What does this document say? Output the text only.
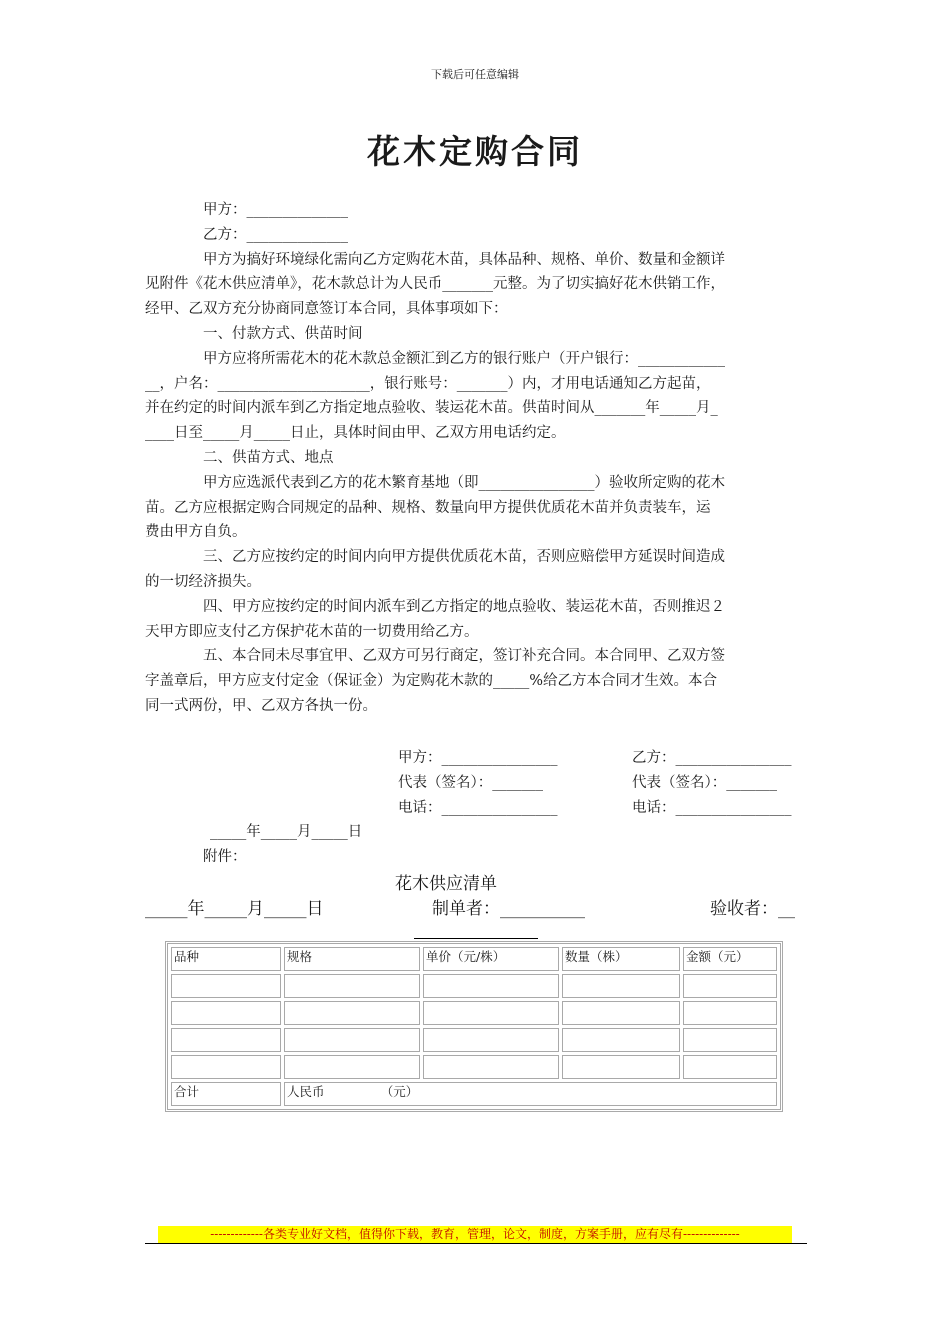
下载后可任意编辑
花木定购合同

甲方：______________

乙方：______________

甲方为搞好环境绿化需向乙方定购花木苗，具体品种、规格、单价、数量和金额详

见附件《花木供应清单》，花木款总计为人民币_______元整。为了切实搞好花木供销工作，

经甲、乙双方充分协商同意签订本合同，具体事项如下：

一、付款方式、供苗时间

甲方应将所需花木的花木款总金额汇到乙方的银行账户（开户银行：____________

__，户名：_____________________，银行账号：_______）内，才用电话通知乙方起苗，

并在约定的时间内派车到乙方指定地点验收、装运花木苗。供苗时间从_______年_____月_

____日至_____月_____日止，具体时间由甲、乙双方用电话约定。

二、供苗方式、地点

甲方应选派代表到乙方的花木繁育基地（即________________）验收所定购的花木

苗。乙方应根据定购合同规定的品种、规格、数量向甲方提供优质花木苗并负责装车，运

费由甲方自负。

三、乙方应按约定的时间内向甲方提供优质花木苗，否则应赔偿甲方延误时间造成

的一切经济损失。

四、甲方应按约定的时间内派车到乙方指定的地点验收、装运花木苗，否则推迟２

天甲方即应支付乙方保护花木苗的一切费用给乙方。

五、本合同未尽事宜甲、乙双方可另行商定，签订补充合同。本合同甲、乙双方签

字盖章后，甲方应支付定金（保证金）为定购花木款的_____%给乙方本合同才生效。本合

同一式两份，甲、乙双方各执一份。

甲方：________________
代表（签名）：_______
电话：________________
乙方：________________
代表（签名）：_______
电话：________________
_____年_____月_____日
附件：
花木供应清单
_____年_____月_____日	制单者：__________	验收者：__
品种	规格	单价（元/株）	数量（株）	金额（元）

合计	人民币　　　　　（元）			
-------------各类专业好文档，值得你下载，教育，管理，论文，制度，方案手册，应有尽有--------------
